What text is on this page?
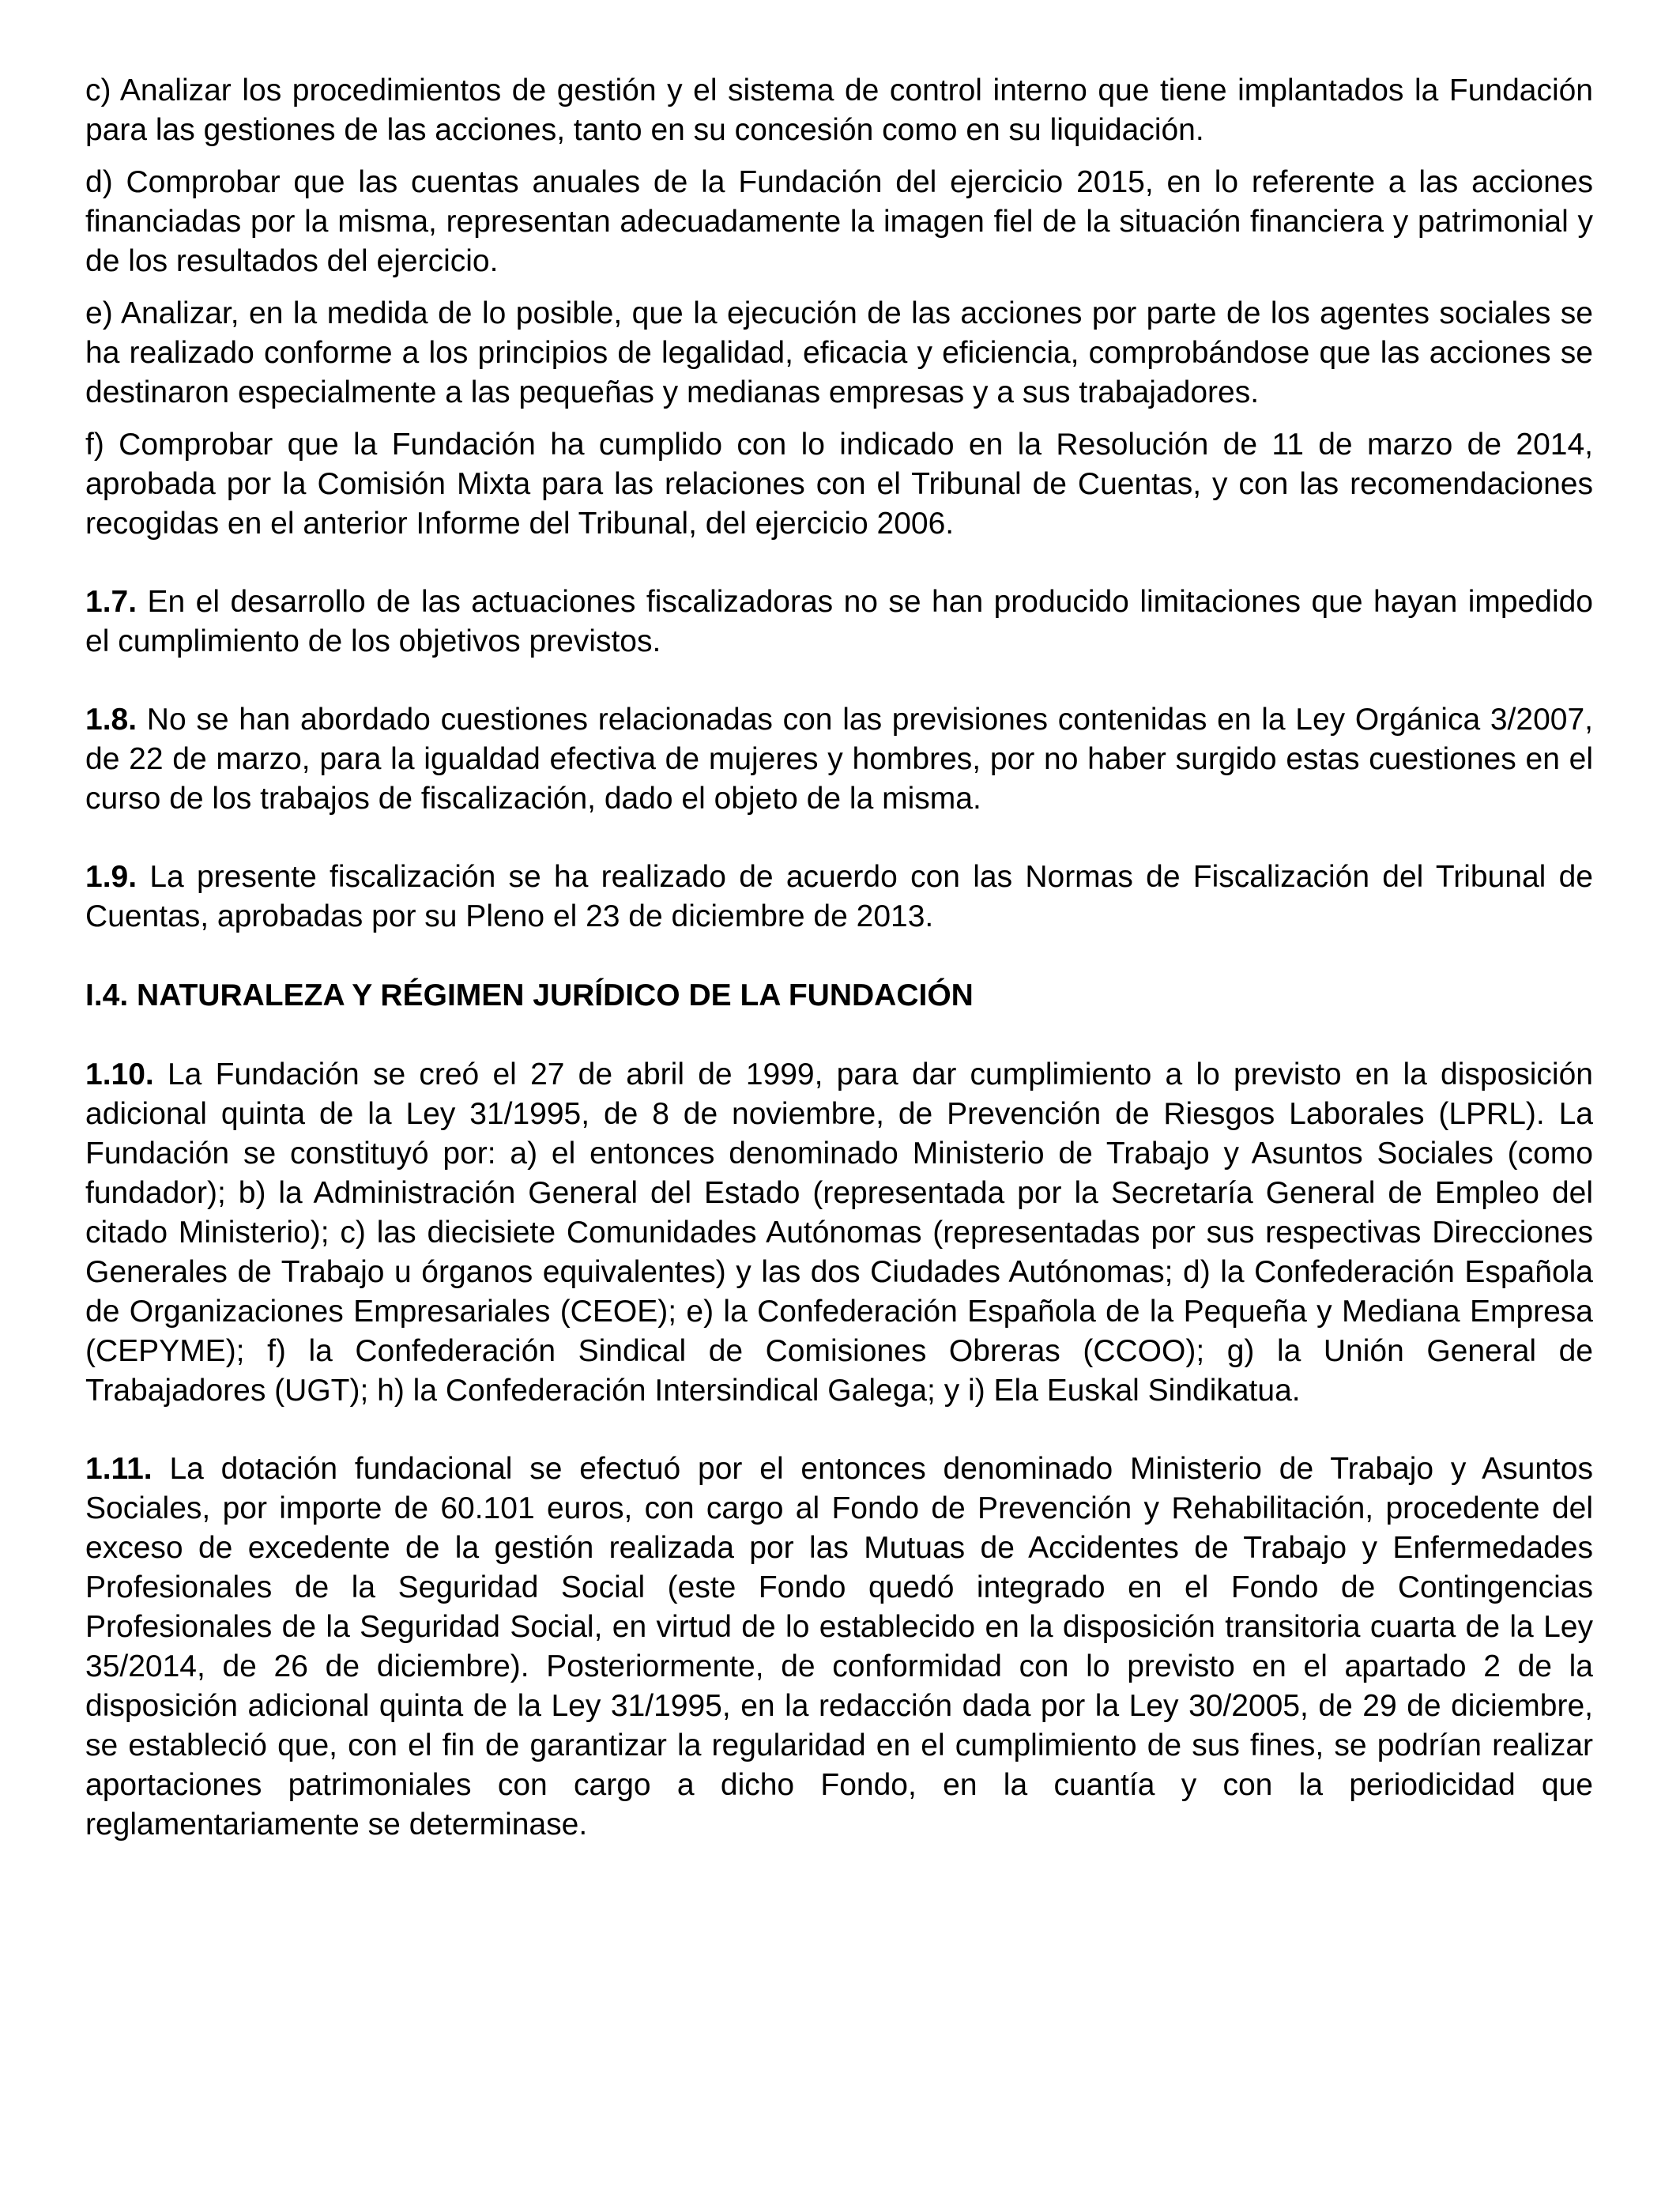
c) Analizar los procedimientos de gestión y el sistema de control interno que tiene implantados la Fundación para las gestiones de las acciones, tanto en su concesión como en su liquidación.

d) Comprobar que las cuentas anuales de la Fundación del ejercicio 2015, en lo referente a las acciones financiadas por la misma, representan adecuadamente la imagen fiel de la situación financiera y patrimonial y de los resultados del ejercicio.

e) Analizar, en la medida de lo posible, que la ejecución de las acciones por parte de los agentes sociales se ha realizado conforme a los principios de legalidad, eficacia y eficiencia, comprobándose que las acciones se destinaron especialmente a las pequeñas y medianas empresas y a sus trabajadores.

f) Comprobar que la Fundación ha cumplido con lo indicado en la Resolución de 11 de marzo de 2014, aprobada por la Comisión Mixta para las relaciones con el Tribunal de Cuentas, y con las recomendaciones recogidas en el anterior Informe del Tribunal, del ejercicio 2006.

1.7. En el desarrollo de las actuaciones fiscalizadoras no se han producido limitaciones que hayan impedido el cumplimiento de los objetivos previstos.

1.8. No se han abordado cuestiones relacionadas con las previsiones contenidas en la Ley Orgánica 3/2007, de 22 de marzo, para la igualdad efectiva de mujeres y hombres, por no haber surgido estas cuestiones en el curso de los trabajos de fiscalización, dado el objeto de la misma.

1.9. La presente fiscalización se ha realizado de acuerdo con las Normas de Fiscalización del Tribunal de Cuentas, aprobadas por su Pleno el 23 de diciembre de 2013.

I.4. NATURALEZA Y RÉGIMEN JURÍDICO DE LA FUNDACIÓN

1.10. La Fundación se creó el 27 de abril de 1999, para dar cumplimiento a lo previsto en la disposición adicional quinta de la Ley 31/1995, de 8 de noviembre, de Prevención de Riesgos Laborales (LPRL). La Fundación se constituyó por: a) el entonces denominado Ministerio de Trabajo y Asuntos Sociales (como fundador); b) la Administración General del Estado (representada por la Secretaría General de Empleo del citado Ministerio); c) las diecisiete Comunidades Autónomas (representadas por sus respectivas Direcciones Generales de Trabajo u órganos equivalentes) y las dos Ciudades Autónomas; d) la Confederación Española de Organizaciones Empresariales (CEOE); e) la Confederación Española de la Pequeña y Mediana Empresa (CEPYME); f) la Confederación Sindical de Comisiones Obreras (CCOO); g) la Unión General de Trabajadores (UGT); h) la Confederación Intersindical Galega; y i) Ela Euskal Sindikatua.

1.11. La dotación fundacional se efectuó por el entonces denominado Ministerio de Trabajo y Asuntos Sociales, por importe de 60.101 euros, con cargo al Fondo de Prevención y Rehabilitación, procedente del exceso de excedente de la gestión realizada por las Mutuas de Accidentes de Trabajo y Enfermedades Profesionales de la Seguridad Social (este Fondo quedó integrado en el Fondo de Contingencias Profesionales de la Seguridad Social, en virtud de lo establecido en la disposición transitoria cuarta de la Ley 35/2014, de 26 de diciembre). Posteriormente, de conformidad con lo previsto en el apartado 2 de la disposición adicional quinta de la Ley 31/1995, en la redacción dada por la Ley 30/2005, de 29 de diciembre, se estableció que, con el fin de garantizar la regularidad en el cumplimiento de sus fines, se podrían realizar aportaciones patrimoniales con cargo a dicho Fondo, en la cuantía y con la periodicidad que reglamentariamente se determinase.
